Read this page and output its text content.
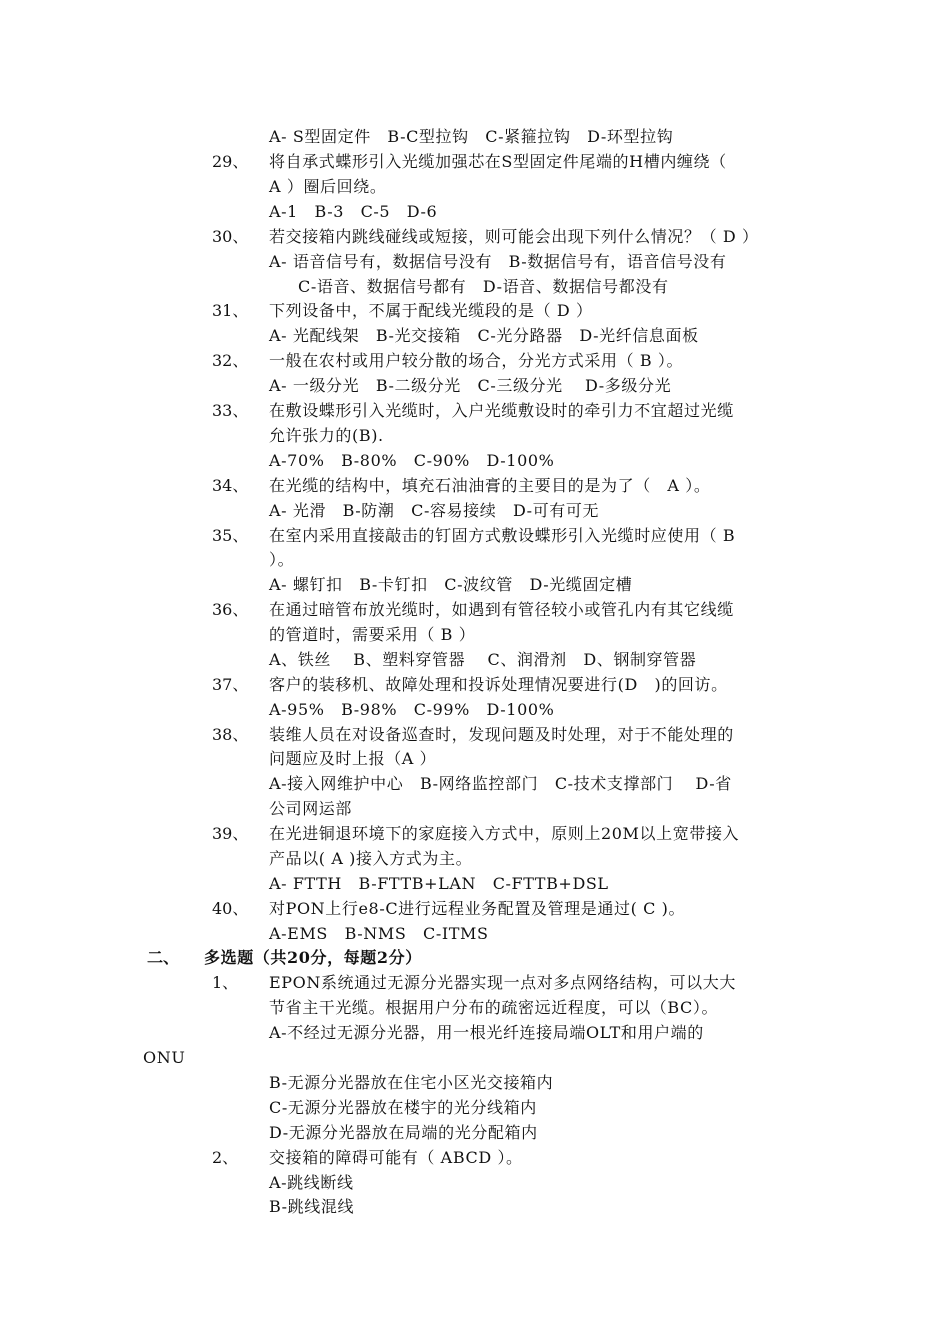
A- S型固定件　B-C型拉钩　C-紧箍拉钩　D-环型拉钩
29、 将自承式蝶形引入光缆加强芯在S型固定件尾端的H槽内缠绕（
A ）圈后回绕。
A-1　B-3　C-5　D-6
30、 若交接箱内跳线碰线或短接，则可能会出现下列什么情况？（ D ）
A- 语音信号有，数据信号没有　B-数据信号有，语音信号没有
C-语音、数据信号都有　D-语音、数据信号都没有
31、 下列设备中，不属于配线光缆段的是（ D ）
A- 光配线架　B-光交接箱　C-光分路器　D-光纤信息面板
32、 一般在农村或用户较分散的场合，分光方式采用（ B ）。
A- 一级分光　B-二级分光　C-三级分光　 D-多级分光
33、 在敷设蝶形引入光缆时，入户光缆敷设时的牵引力不宜超过光缆
允许张力的(B).
A-70%　B-80%　C-90%　D-100%
34、 在光缆的结构中，填充石油油膏的主要目的是为了（　A ）。
A- 光滑　B-防潮　C-容易接续　D-可有可无
35、 在室内采用直接敲击的钉固方式敷设蝶形引入光缆时应使用（ B
）。
A- 螺钉扣　B-卡钉扣　C-波纹管　D-光缆固定槽
36、 在通过暗管布放光缆时，如遇到有管径较小或管孔内有其它线缆
的管道时，需要采用（ B ）
A、铁丝　 B、塑料穿管器　 C、润滑剂　D、钢制穿管器
37、 客户的装移机、故障处理和投诉处理情况要进行(D　)的回访。
A-95%　B-98%　C-99%　D-100%
38、 装维人员在对设备巡查时，发现问题及时处理，对于不能处理的
问题应及时上报（A ）
A-接入网维护中心　B-网络监控部门　C-技术支撑部门　 D-省
公司网运部
39、 在光进铜退环境下的家庭接入方式中，原则上20M以上宽带接入
产品以( A )接入方式为主。
A- FTTH　B-FTTB+LAN　C-FTTB+DSL
40、 对PON上行e8-C进行远程业务配置及管理是通过( C )。
A-EMS　B-NMS　C-ITMS
二、 多选题（共20分，每题2分）
1、 EPON系统通过无源分光器实现一点对多点网络结构，可以大大
节省主干光缆。根据用户分布的疏密远近程度，可以（BC）。
A-不经过无源分光器，用一根光纤连接局端OLT和用户端的
ONU
B-无源分光器放在住宅小区光交接箱内
C-无源分光器放在楼宇的光分线箱内
D-无源分光器放在局端的光分配箱内
2、 交接箱的障碍可能有（ ABCD ）。
A-跳线断线
B-跳线混线
